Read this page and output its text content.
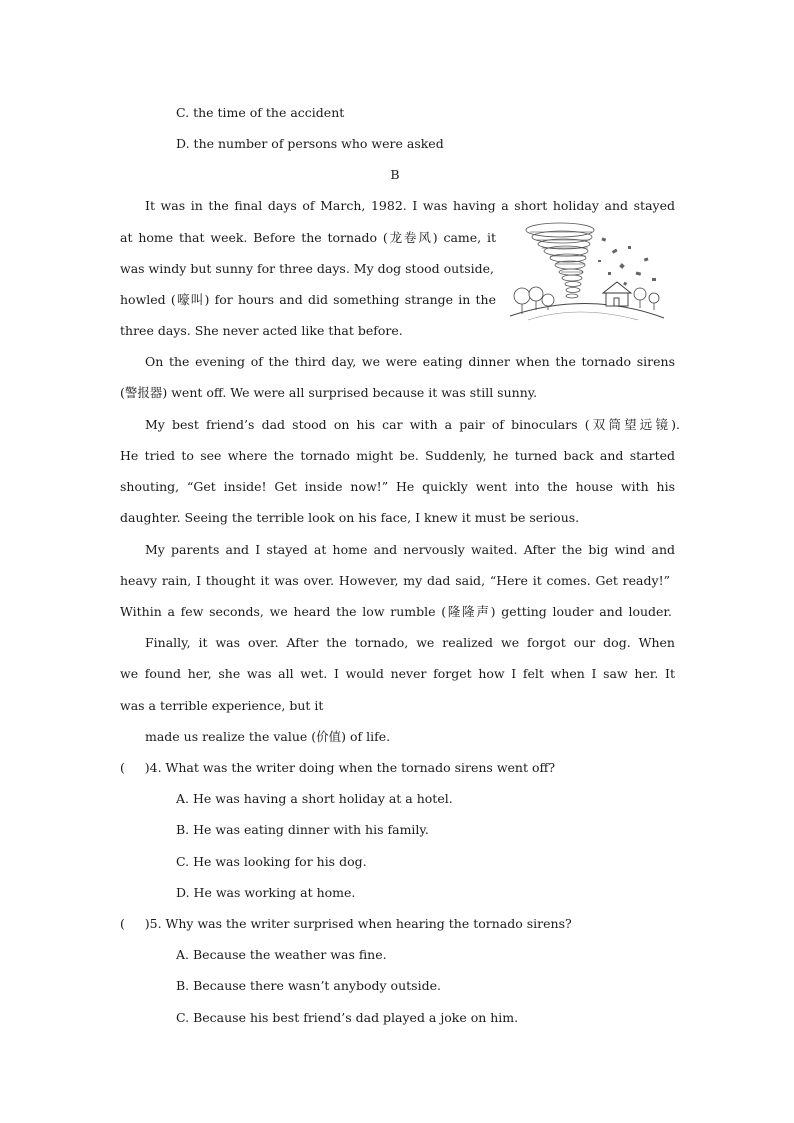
C. the time of the accident
D. the number of persons who were asked
B
It was in the final days of March, 1982. I was having a short holiday and stayed
at home that week. Before the tornado (龙卷风) came, it
was windy but sunny for three days. My dog stood outside,
howled (嚎叫) for hours and did something strange in the
three days. She never acted like that before.
On the evening of the third day, we were eating dinner when the tornado sirens
(警报器) went off. We were all surprised because it was still sunny.
My best friend’s dad stood on his car with a pair of binoculars (双筒望远镜).
He tried to see where the tornado might be. Suddenly, he turned back and started
shouting, “Get inside! Get inside now!” He quickly went into the house with his
daughter. Seeing the terrible look on his face, I knew it must be serious.
My parents and I stayed at home and nervously waited. After the big wind and
heavy rain, I thought it was over. However, my dad said, “Here it comes. Get ready!”
Within a few seconds, we heard the low rumble (隆隆声) getting louder and louder.
Finally, it was over. After the tornado, we realized we forgot our dog. When
we found her, she was all wet. I would never forget how I felt when I saw her. It
was a terrible experience, but it
made us realize the value (价值) of life.
(     )4. What was the writer doing when the tornado sirens went off?
A. He was having a short holiday at a hotel.
B. He was eating dinner with his family.
C. He was looking for his dog.
D. He was working at home.
(     )5. Why was the writer surprised when hearing the tornado sirens?
A. Because the weather was fine.
B. Because there wasn’t anybody outside.
C. Because his best friend’s dad played a joke on him.
